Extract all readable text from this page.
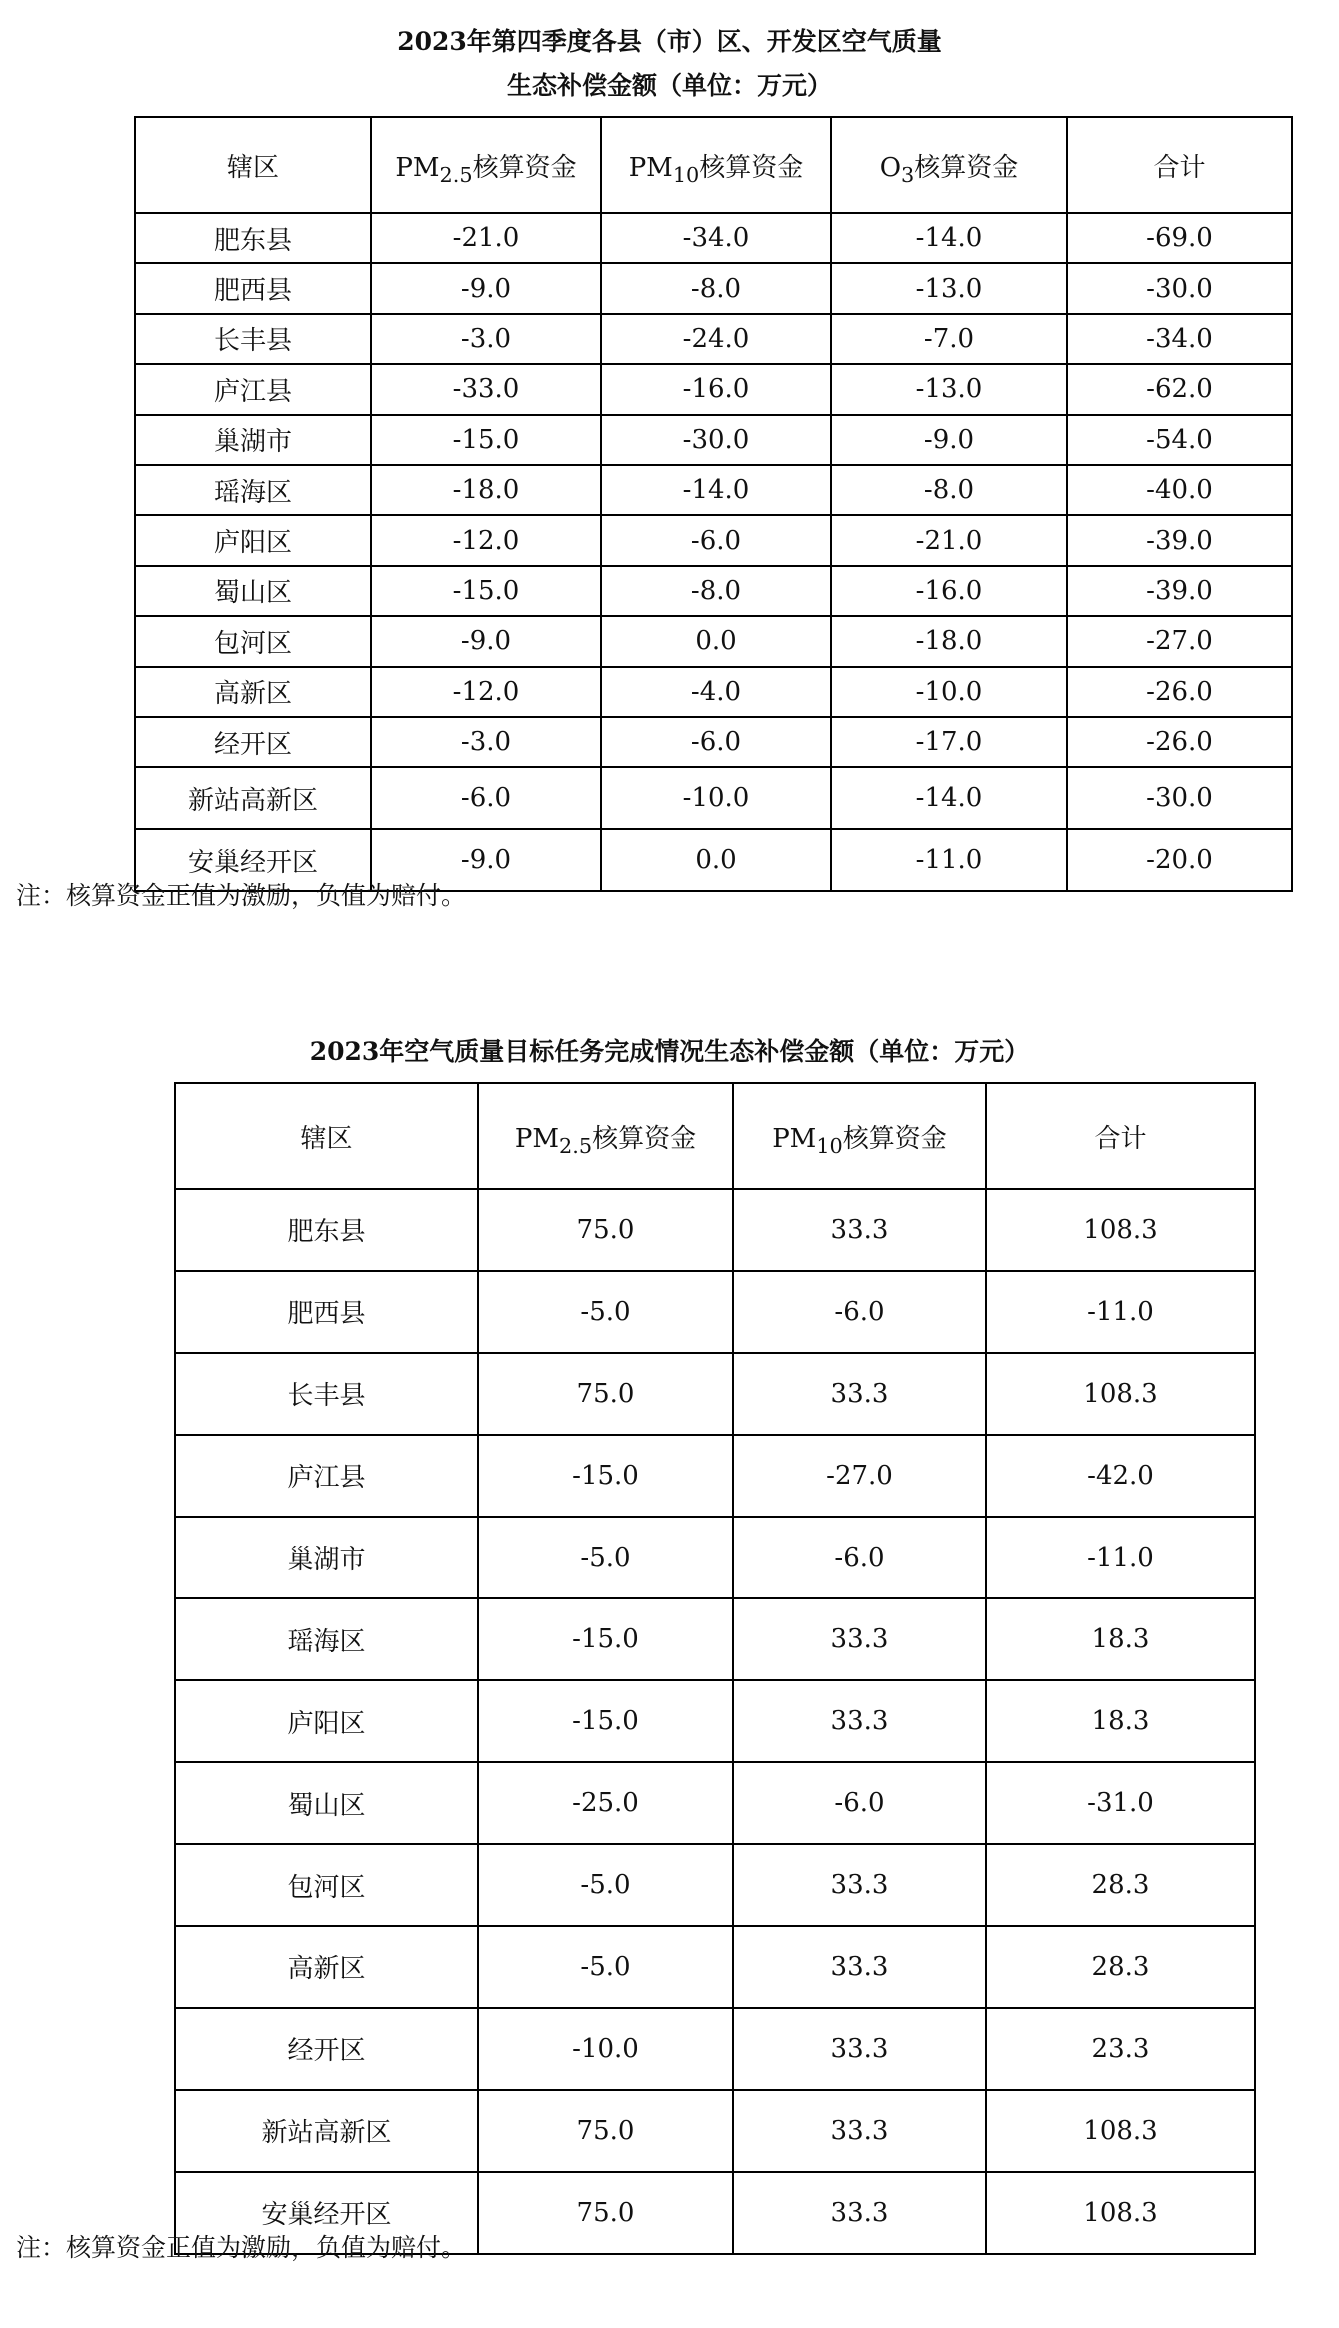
2023年第四季度各县（市）区、开发区空气质量
生态补偿金额（单位：万元）
辖区	$PM_{2.5}$核算资金	$PM_{10}$核算资金	$O_3$核算资金	合计
肥东县	-21.0	-34.0	-14.0	-69.0
肥西县	-9.0	-8.0	-13.0	-30.0
长丰县	-3.0	-24.0	-7.0	-34.0
庐江县	-33.0	-16.0	-13.0	-62.0
巢湖市	-15.0	-30.0	-9.0	-54.0
瑶海区	-18.0	-14.0	-8.0	-40.0
庐阳区	-12.0	-6.0	-21.0	-39.0
蜀山区	-15.0	-8.0	-16.0	-39.0
包河区	-9.0	0.0	-18.0	-27.0
高新区	-12.0	-4.0	-10.0	-26.0
经开区	-3.0	-6.0	-17.0	-26.0
新站高新区	-6.0	-10.0	-14.0	-30.0
安巢经开区	-9.0	0.0	-11.0	-20.0
注：核算资金正值为激励，负值为赔付。
2023年空气质量目标任务完成情况生态补偿金额（单位：万元）
辖区	$PM_{2.5}$核算资金	$PM_{10}$核算资金	合计
肥东县	75.0	33.3	108.3
肥西县	-5.0	-6.0	-11.0
长丰县	75.0	33.3	108.3
庐江县	-15.0	-27.0	-42.0
巢湖市	-5.0	-6.0	-11.0
瑶海区	-15.0	33.3	18.3
庐阳区	-15.0	33.3	18.3
蜀山区	-25.0	-6.0	-31.0
包河区	-5.0	33.3	28.3
高新区	-5.0	33.3	28.3
经开区	-10.0	33.3	23.3
新站高新区	75.0	33.3	108.3
安巢经开区	75.0	33.3	108.3
注：核算资金正值为激励，负值为赔付。
